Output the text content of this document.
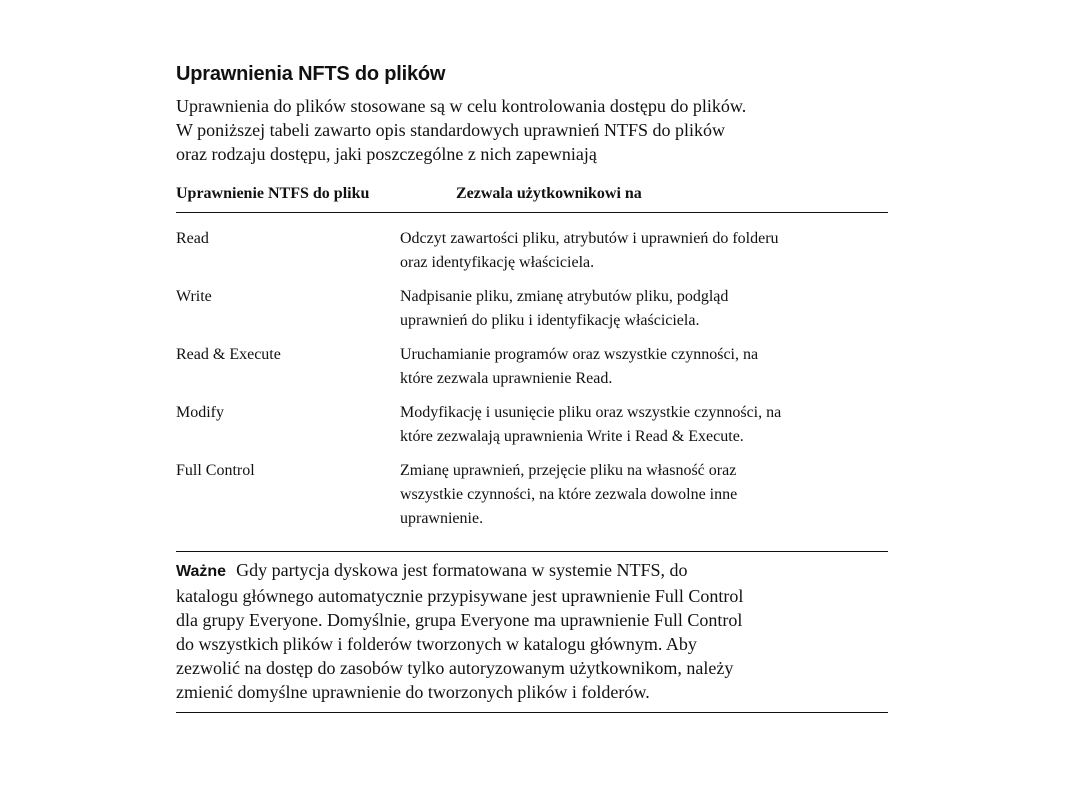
Uprawnienia NFTS do plików

Uprawnienia do plików stosowane są w celu kontrolowania dostępu do plików.
W poniższej tabeli zawarto opis standardowych uprawnień NTFS do plików
oraz rodzaju dostępu, jaki poszczególne z nich zapewniają

Uprawnienie NTFS do pliku	Zezwala użytkownikowi na
Read	Odczyt zawartości pliku, atrybutów i uprawnień do folderu
oraz identyfikację właściciela.
Write	Nadpisanie pliku, zmianę atrybutów pliku, podgląd
uprawnień do pliku i identyfikację właściciela.
Read & Execute	Uruchamianie programów oraz wszystkie czynności, na
które zezwala uprawnienie Read.
Modify	Modyfikację i usunięcie pliku oraz wszystkie czynności, na
które zezwalają uprawnienia Write i Read & Execute.
Full Control	Zmianę uprawnień, przejęcie pliku na własność oraz
wszystkie czynności, na które zezwala dowolne inne
uprawnienie.
Ważne Gdy partycja dyskowa jest formatowana w systemie NTFS, do
katalogu głównego automatycznie przypisywane jest uprawnienie Full Control
dla grupy Everyone. Domyślnie, grupa Everyone ma uprawnienie Full Control
do wszystkich plików i folderów tworzonych w katalogu głównym. Aby
zezwolić na dostęp do zasobów tylko autoryzowanym użytkownikom, należy
zmienić domyślne uprawnienie do tworzonych plików i folderów.
